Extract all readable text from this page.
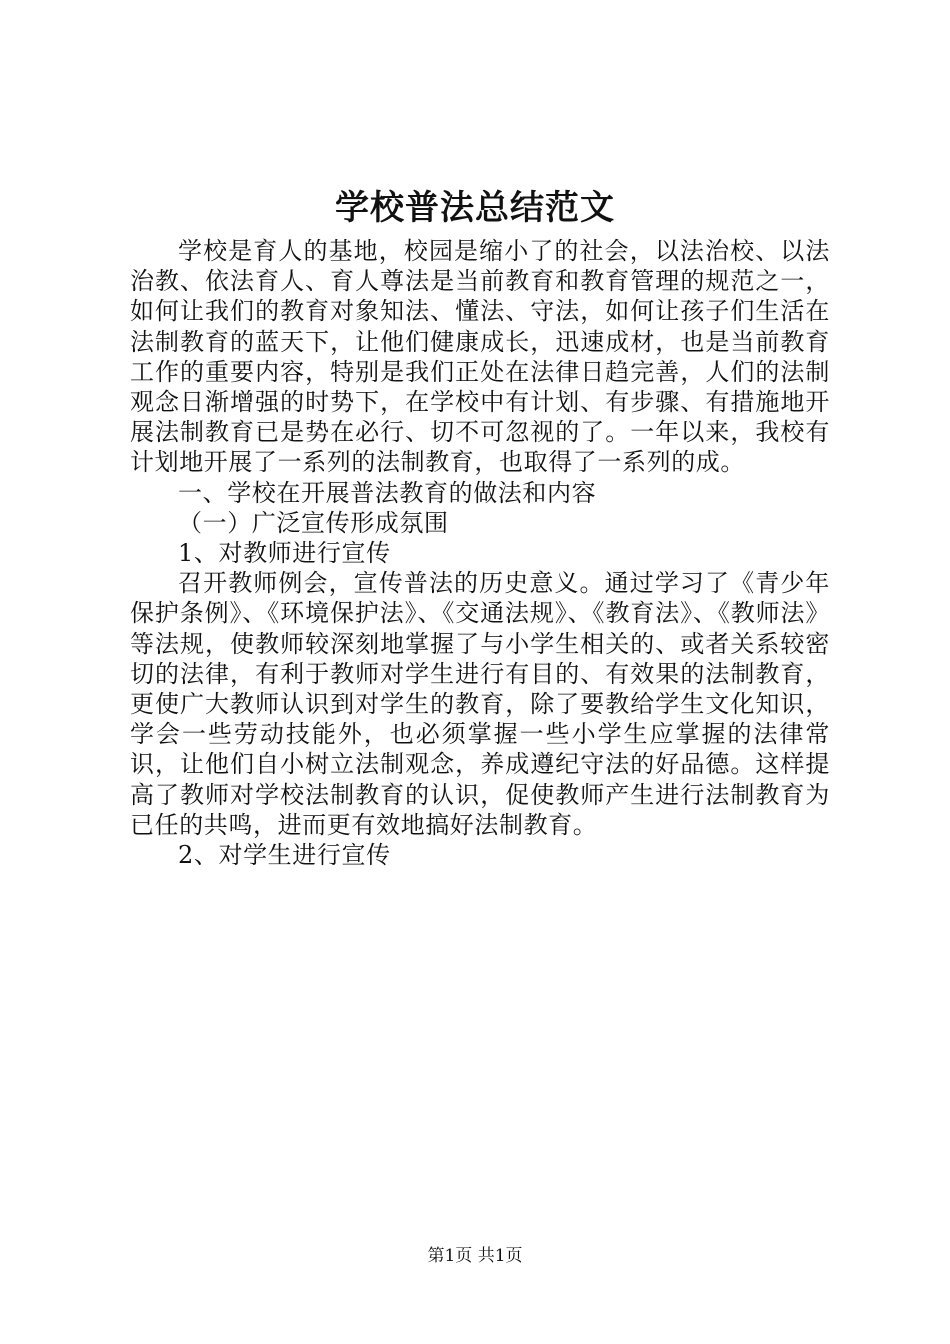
学校普法总结范文

学校是育人的基地，校园是缩小了的社会，以法治校、以法治教、依法育人、育人尊法是当前教育和教育管理的规范之一，如何让我们的教育对象知法、懂法、守法，如何让孩子们生活在法制教育的蓝天下，让他们健康成长，迅速成材，也是当前教育工作的重要内容，特别是我们正处在法律日趋完善，人们的法制观念日渐增强的时势下，在学校中有计划、有步骤、有措施地开展法制教育已是势在必行、切不可忽视的了。一年以来，我校有计划地开展了一系列的法制教育，也取得了一系列的成。

一、学校在开展普法教育的做法和内容

（一）广泛宣传形成氛围

1、对教师进行宣传

召开教师例会，宣传普法的历史意义。通过学习了《青少年保护条例》、《环境保护法》、《交通法规》、《教育法》、《教师法》等法规，使教师较深刻地掌握了与小学生相关的、或者关系较密切的法律，有利于教师对学生进行有目的、有效果的法制教育，更使广大教师认识到对学生的教育，除了要教给学生文化知识，学会一些劳动技能外，也必须掌握一些小学生应掌握的法律常识，让他们自小树立法制观念，养成遵纪守法的好品德。这样提高了教师对学校法制教育的认识，促使教师产生进行法制教育为已任的共鸣，进而更有效地搞好法制教育。

2、对学生进行宣传

第1页 共1页
